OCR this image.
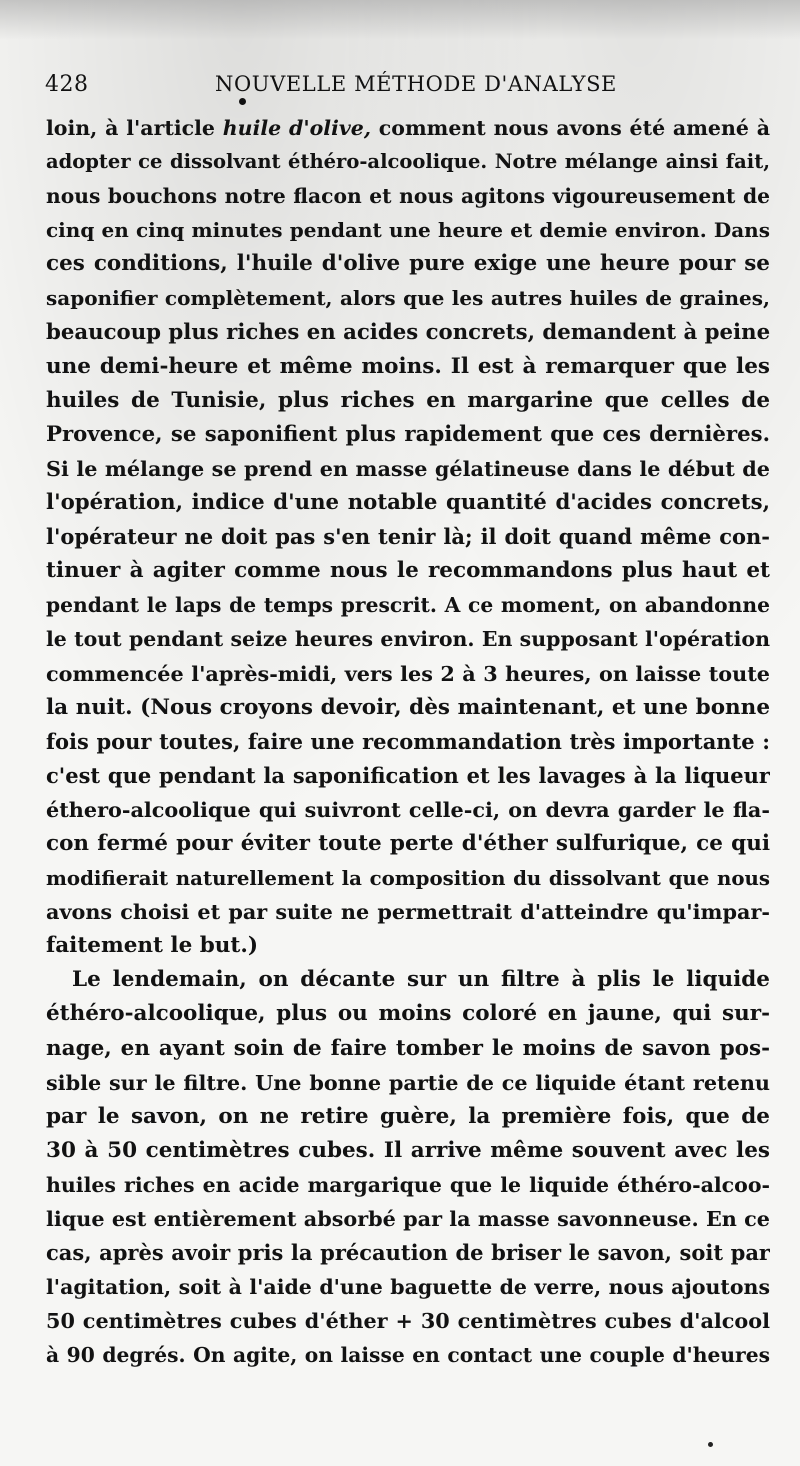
428	NOUVELLE MÉTHODE D'ANALYSE
loin, à l'article huile d'olive, comment nous avons été amené à
adopter ce dissolvant éthéro-alcoolique. Notre mélange ainsi fait,
nous bouchons notre flacon et nous agitons vigoureusement de
cinq en cinq minutes pendant une heure et demie environ. Dans
ces conditions, l'huile d'olive pure exige une heure pour se
saponifier complètement, alors que les autres huiles de graines,
beaucoup plus riches en acides concrets, demandent à peine
une demi-heure et même moins. Il est à remarquer que les
huiles de Tunisie, plus riches en margarine que celles de
Provence, se saponifient plus rapidement que ces dernières.
Si le mélange se prend en masse gélatineuse dans le début de
l'opération, indice d'une notable quantité d'acides concrets,
l'opérateur ne doit pas s'en tenir là; il doit quand même con-
tinuer à agiter comme nous le recommandons plus haut et
pendant le laps de temps prescrit. A ce moment, on abandonne
le tout pendant seize heures environ. En supposant l'opération
commencée l'après-midi, vers les 2 à 3 heures, on laisse toute
la nuit. (Nous croyons devoir, dès maintenant, et une bonne
fois pour toutes, faire une recommandation très importante :
c'est que pendant la saponification et les lavages à la liqueur
éthero-alcoolique qui suivront celle-ci, on devra garder le fla-
con fermé pour éviter toute perte d'éther sulfurique, ce qui
modifierait naturellement la composition du dissolvant que nous
avons choisi et par suite ne permettrait d'atteindre qu'impar-
faitement le but.)
Le lendemain, on décante sur un filtre à plis le liquide
éthéro-alcoolique, plus ou moins coloré en jaune, qui sur-
nage, en ayant soin de faire tomber le moins de savon pos-
sible sur le filtre. Une bonne partie de ce liquide étant retenu
par le savon, on ne retire guère, la première fois, que de
30 à 50 centimètres cubes. Il arrive même souvent avec les
huiles riches en acide margarique que le liquide éthéro-alcoo-
lique est entièrement absorbé par la masse savonneuse. En ce
cas, après avoir pris la précaution de briser le savon, soit par
l'agitation, soit à l'aide d'une baguette de verre, nous ajoutons
50 centimètres cubes d'éther + 30 centimètres cubes d'alcool
à 90 degrés. On agite, on laisse en contact une couple d'heures
